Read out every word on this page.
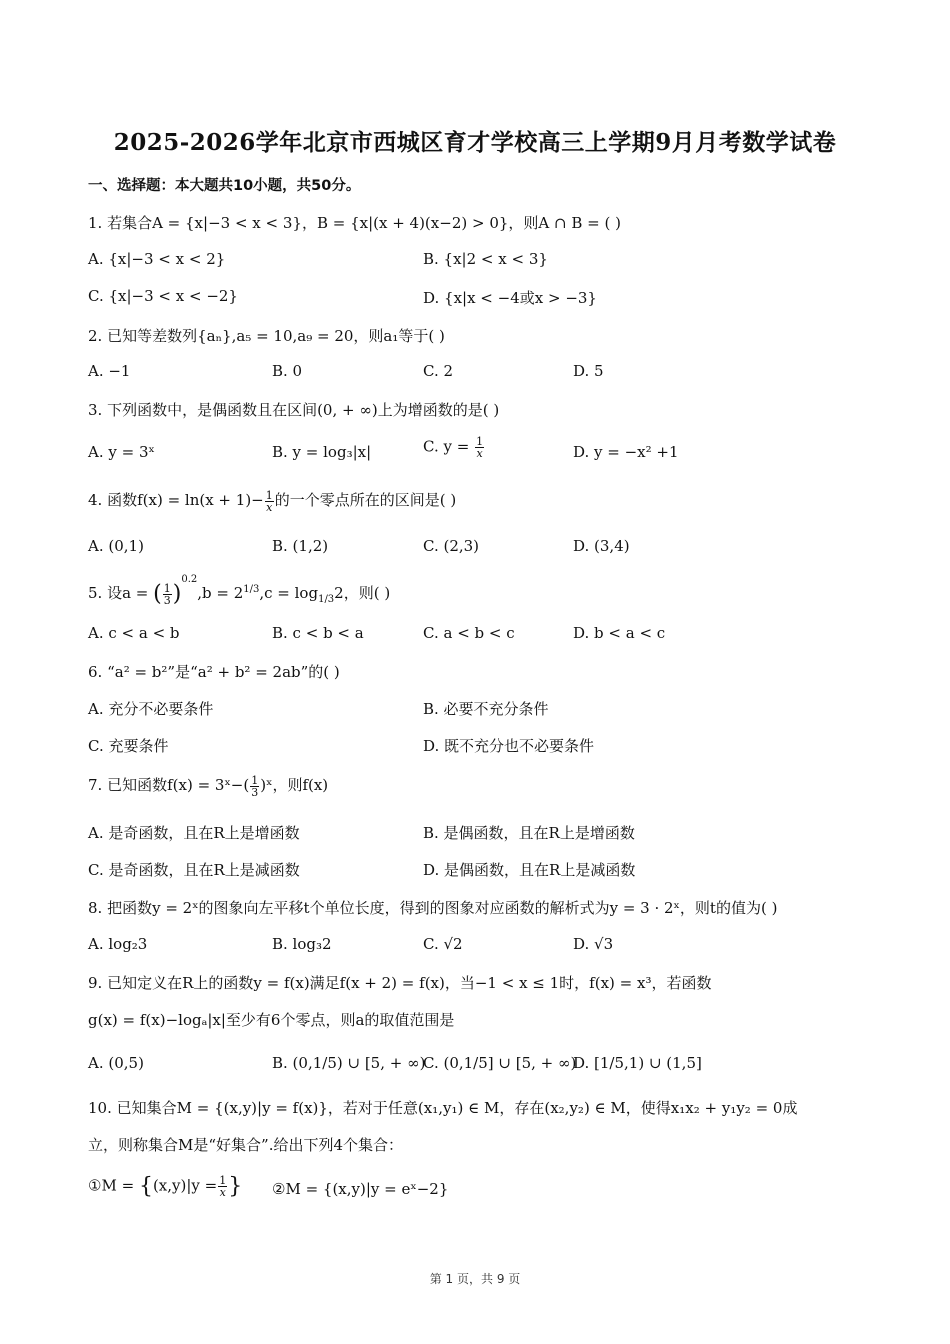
2025-2026学年北京市西城区育才学校高三上学期9月月考数学试卷
一、选择题：本大题共10小题，共50分。
1. 若集合A = {x|−3 < x < 3}，B = {x|(x + 4)(x−2) > 0}，则A ∩ B = ( )
A. {x|−3 < x < 2}	B. {x|2 < x < 3}
C. {x|−3 < x < −2}	D. {x|x < −4或x > −3}
2. 已知等差数列{aₙ},a₅ = 10,a₉ = 20，则a₁等于( )
A. −1	B. 0	C. 2	D. 5
3. 下列函数中，是偶函数且在区间(0, + ∞)上为增函数的是( )
A. y = 3ˣ	B. y = log₃|x|	C. $y = \frac{1}{x}$	D. y = −x² +1
4. 函数$f(x) = \ln(x + 1)- \frac{1}{x}$ 的一个零点所在的区间是( )
A. (0,1)	B. (1,2)	C. (2,3)	D. (3,4)
5. 设a = ( $\frac{1}{3} )^{0.2},b = 2^{1/3},c = \log_{1/3}2$，则( )
A. c < a < b	B. c < b < a	C. a < b < c	D. b < a < c
6. “a² = b²”是“a² + b² = 2ab”的( )
A. 充分不必要条件	B. 必要不充分条件
C. 充要条件	D. 既不充分也不必要条件
7. 已知函数f(x) = 3ˣ−( $\frac{1}{3}$ )ˣ，则f(x)
A. 是奇函数，且在R上是增函数	B. 是偶函数，且在R上是增函数
C. 是奇函数，且在R上是减函数	D. 是偶函数，且在R上是减函数
8. 把函数y = 2ˣ的图象向左平移t个单位长度，得到的图象对应函数的解析式为y = 3 · 2ˣ，则t的值为( )
A. log₂3	B. log₃2	C. √2	D. √3
9. 已知定义在R上的函数y = f(x)满足f(x + 2) = f(x)，当−1 < x ≤ 1时，f(x) = x³，若函数
g(x) = f(x)−logₐ|x|至少有6个零点，则a的取值范围是
A. (0,5)	B. (0,1/5) ∪ [5, + ∞)
C. (0,1/5] ∪ [5, + ∞)
D. [1/5,1) ∪ (1,5]
10. 已知集合M = {(x,y)|y = f(x)}，若对于任意(x₁,y₁) ∈ M，存在(x₂,y₂) ∈ M，使得x₁x₂ + y₁y₂ = 0成
立，则称集合M是“好集合”.给出下列4个集合：
①M = {$(x,y)|y = \frac{1}{x}$ } ②M = {(x,y)|y = eˣ−2}
第 1 页，共 9 页
